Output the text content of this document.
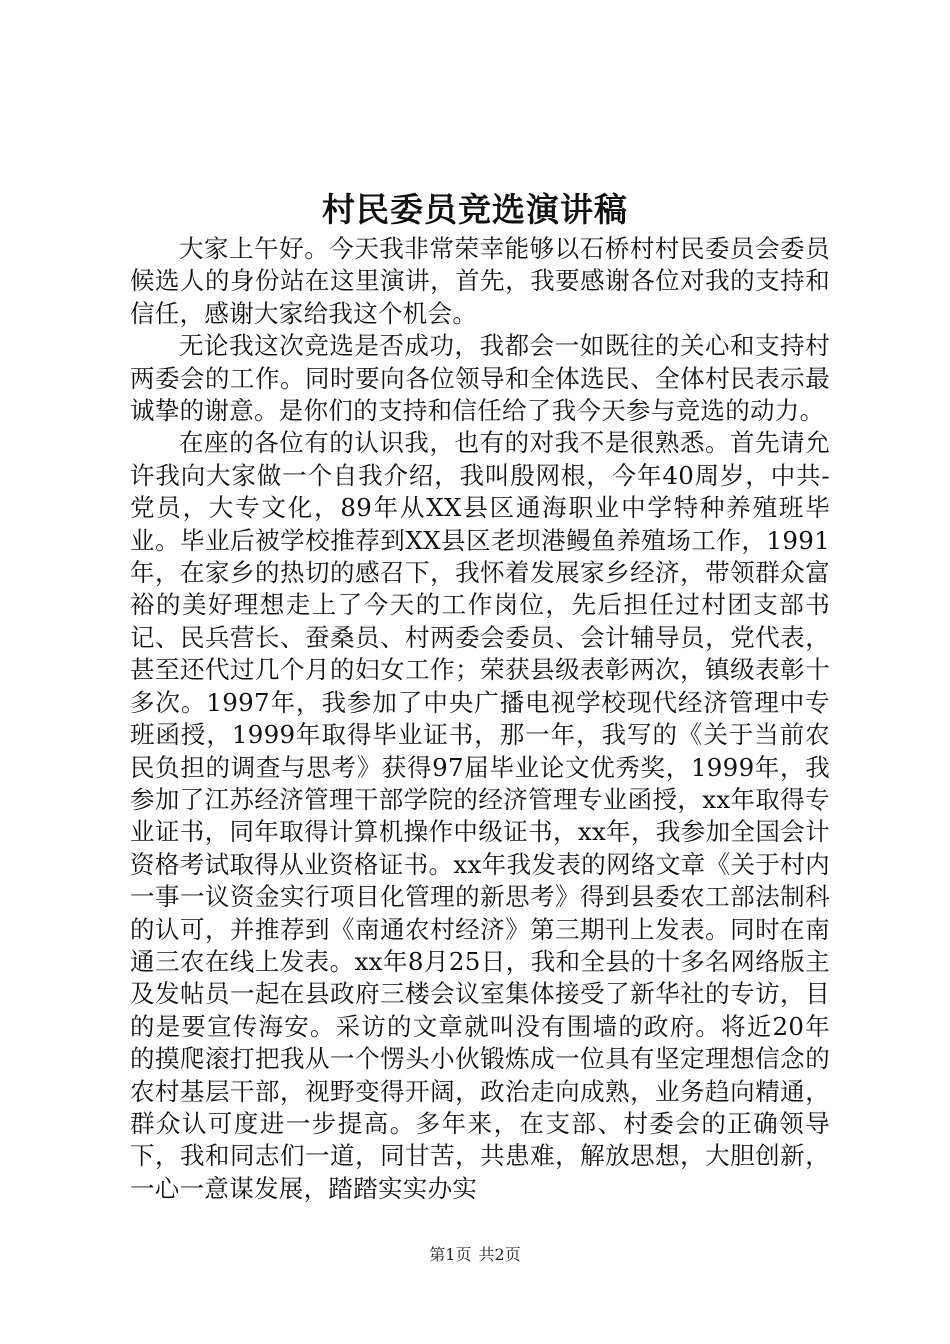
村民委员竞选演讲稿

大家上午好。今天我非常荣幸能够以石桥村村民委员会委员候选人的身份站在这里演讲，首先，我要感谢各位对我的支持和信任，感谢大家给我这个机会。

无论我这次竞选是否成功，我都会一如既往的关心和支持村两委会的工作。同时要向各位领导和全体选民、全体村民表示最诚挚的谢意。是你们的支持和信任给了我今天参与竞选的动力。

在座的各位有的认识我，也有的对我不是很熟悉。首先请允许我向大家做一个自我介绍，我叫殷网根，今年40周岁，中共-党员，大专文化，89年从XX县区通海职业中学特种养殖班毕业。毕业后被学校推荐到XX县区老坝港鳗鱼养殖场工作，1991年，在家乡的热切的感召下，我怀着发展家乡经济，带领群众富裕的美好理想走上了今天的工作岗位，先后担任过村团支部书记、民兵营长、蚕桑员、村两委会委员、会计辅导员，党代表，甚至还代过几个月的妇女工作；荣获县级表彰两次，镇级表彰十多次。1997年，我参加了中央广播电视学校现代经济管理中专班函授，1999年取得毕业证书，那一年，我写的《关于当前农民负担的调查与思考》获得97届毕业论文优秀奖，1999年，我参加了江苏经济管理干部学院的经济管理专业函授，xx年取得专业证书，同年取得计算机操作中级证书，xx年，我参加全国会计资格考试取得从业资格证书。xx年我发表的网络文章《关于村内一事一议资金实行项目化管理的新思考》得到县委农工部法制科的认可，并推荐到《南通农村经济》第三期刊上发表。同时在南通三农在线上发表。xx年8月25日，我和全县的十多名网络版主及发帖员一起在县政府三楼会议室集体接受了新华社的专访，目的是要宣传海安。采访的文章就叫没有围墙的政府。将近20年的摸爬滚打把我从一个愣头小伙锻炼成一位具有坚定理想信念的农村基层干部，视野变得开阔，政治走向成熟，业务趋向精通，群众认可度进一步提高。多年来，在支部、村委会的正确领导下，我和同志们一道，同甘苦，共患难，解放思想，大胆创新，一心一意谋发展，踏踏实实办实

第1页 共2页
